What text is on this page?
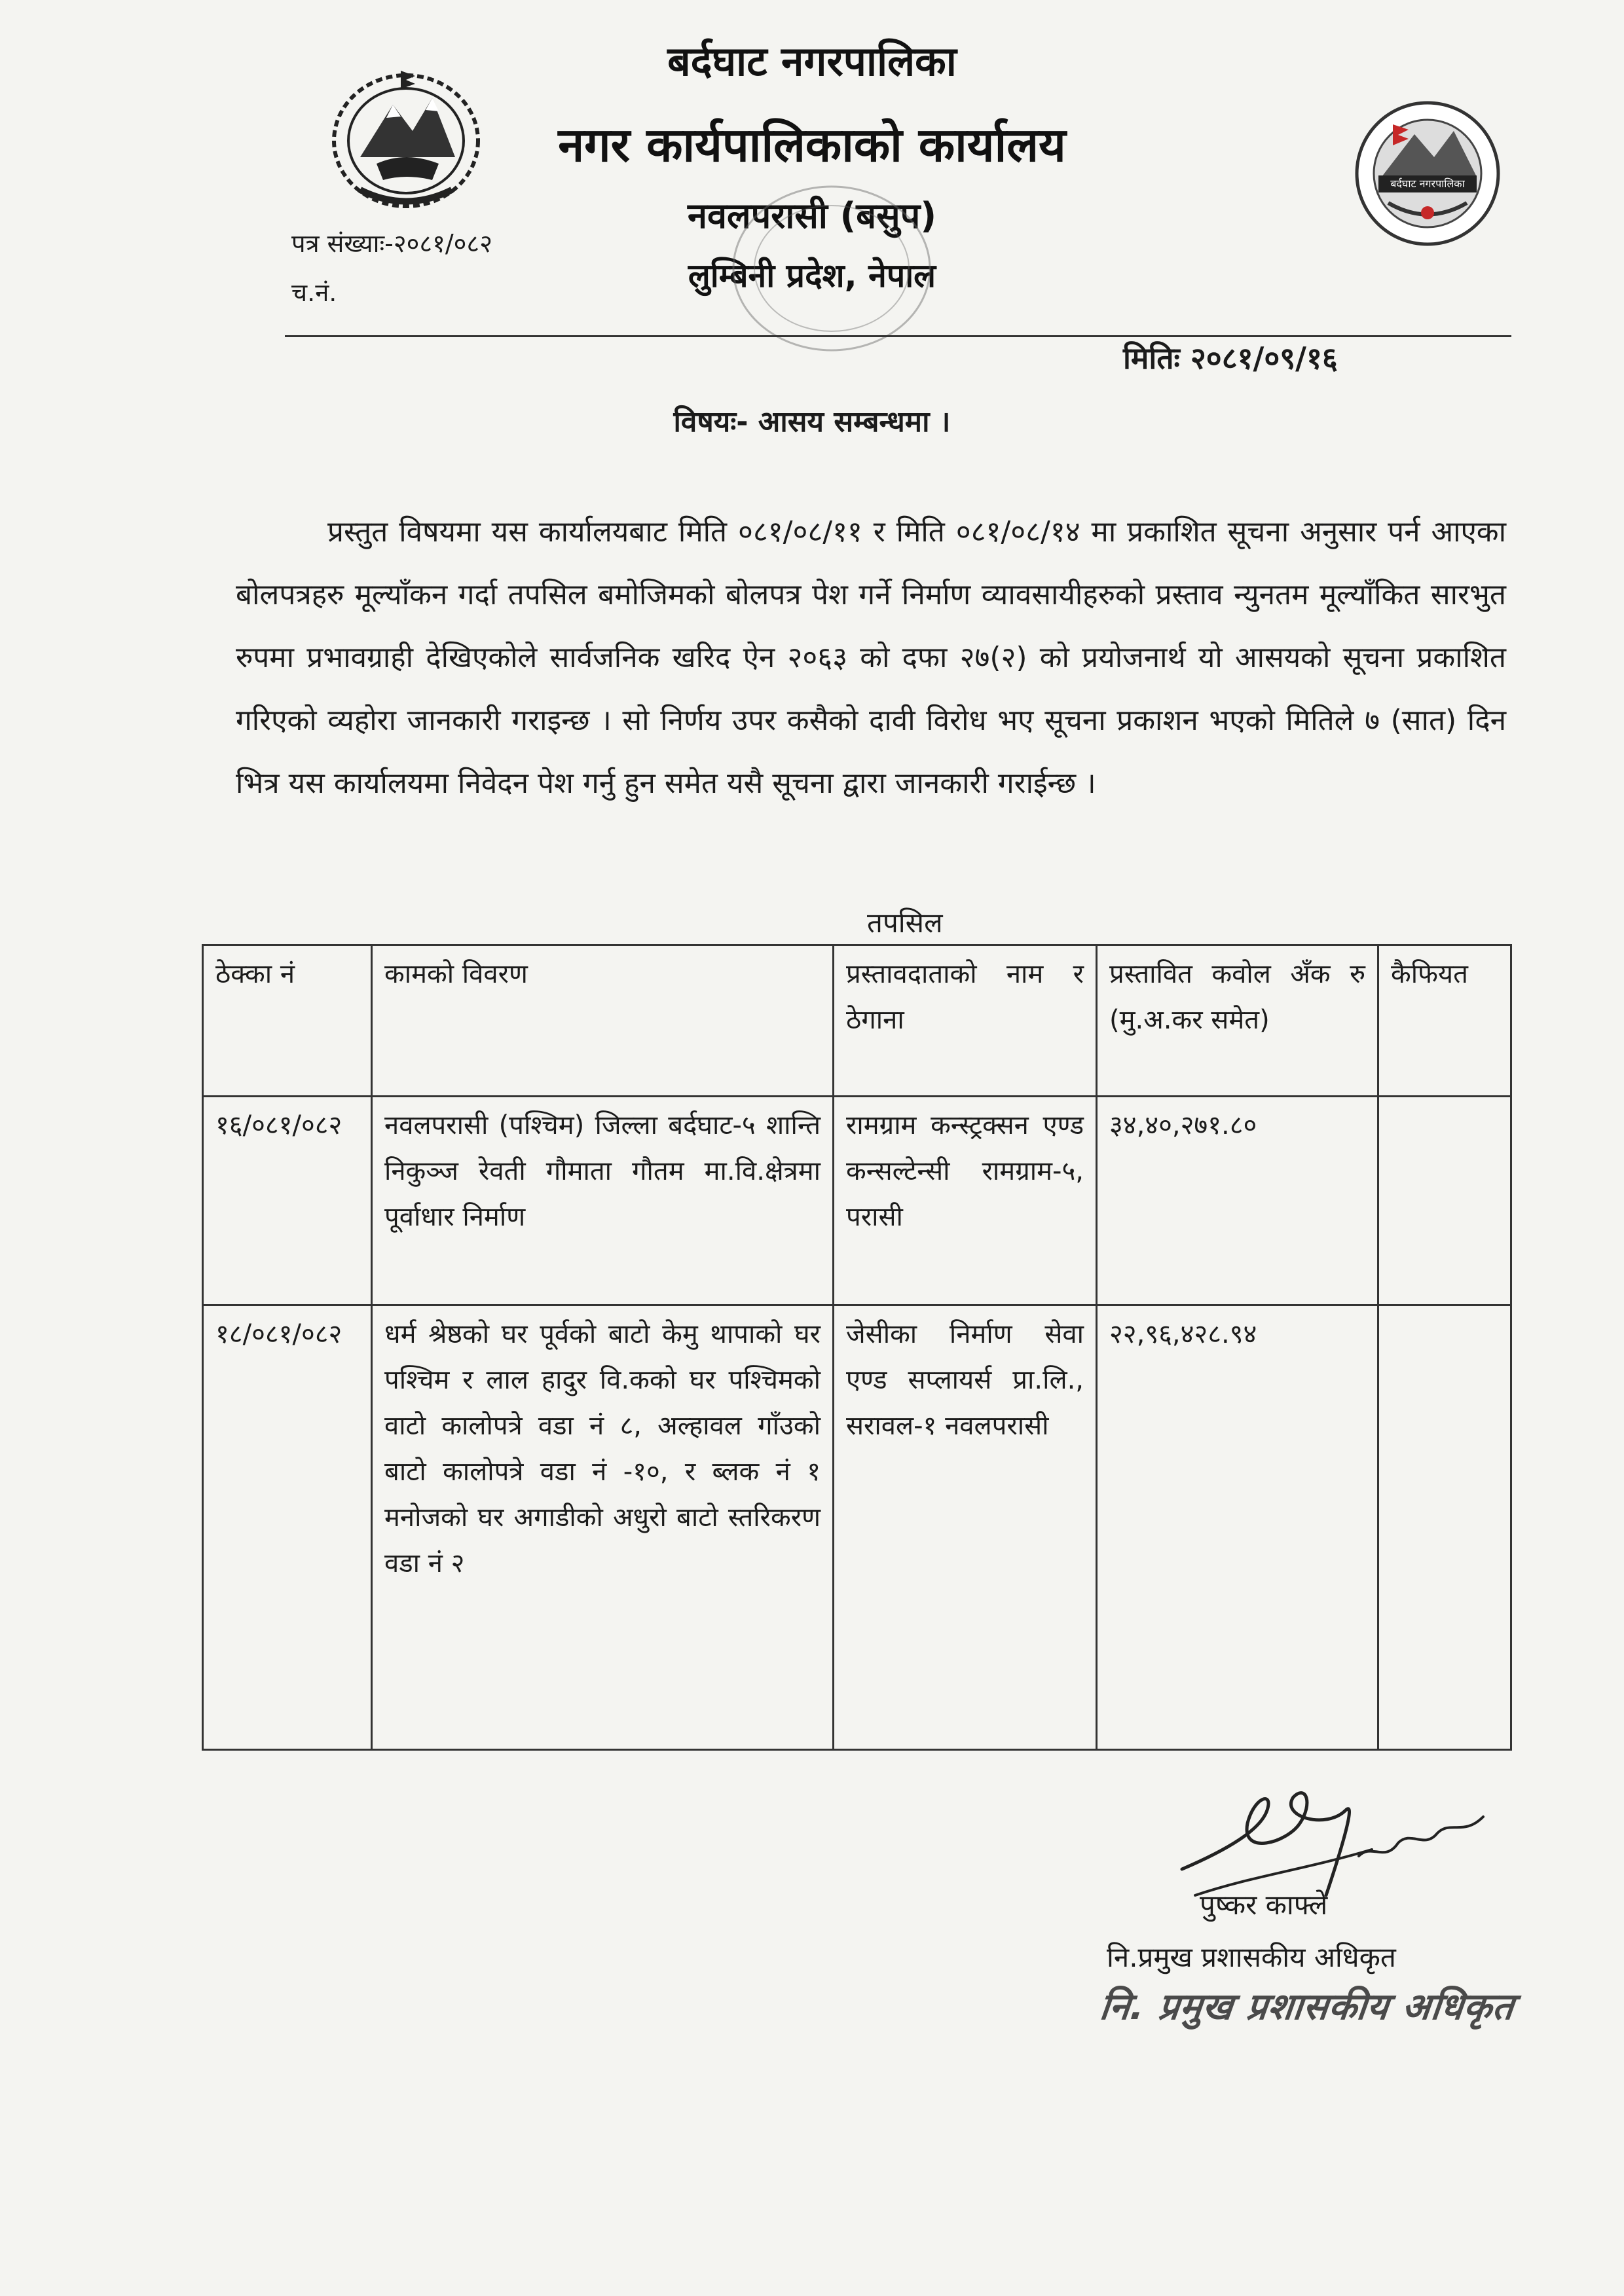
बर्दघाट नगरपालिका
नगर कार्यपालिकाको कार्यालय
नवलपरासी (बसुप)
लुम्बिनी प्रदेश, नेपाल
बर्दघाट नगरपालिका
पत्र संख्याः-२०८१/०८२
च.नं.
मितिः २०८१/०९/१६
विषयः- आसय सम्बन्धमा ।
प्रस्तुत विषयमा यस कार्यालयबाट मिति ०८१/०८/११ र मिति ०८१/०८/१४ मा प्रकाशित सूचना अनुसार पर्न आएका बोलपत्रहरु मूल्याँकन गर्दा तपसिल बमोजिमको बोलपत्र पेश गर्ने निर्माण व्यावसायीहरुको प्रस्ताव न्युनतम मूल्याँकित सारभुत रुपमा प्रभावग्राही देखिएकोले सार्वजनिक खरिद ऐन २०६३ को दफा २७(२) को प्रयोजनार्थ यो आसयको सूचना प्रकाशित गरिएको व्यहोरा जानकारी गराइन्छ । सो निर्णय उपर कसैको दावी विरोध भए सूचना प्रकाशन भएको मितिले ७ (सात) दिन भित्र यस कार्यालयमा निवेदन पेश गर्नु हुन समेत यसै सूचना द्वारा जानकारी गराईन्छ ।
तपसिल
ठेक्का नं	कामको विवरण	प्रस्तावदाताको नाम र ठेगाना	प्रस्तावित कवोल अँक रु (मु.अ.कर समेत)	कैफियत
१६/०८१/०८२	नवलपरासी (पश्चिम) जिल्ला बर्दघाट-५ शान्ति निकुञ्ज रेवती गौमाता गौतम मा.वि.क्षेत्रमा पूर्वाधार निर्माण	रामग्राम कन्स्ट्रक्सन एण्ड कन्सल्टेन्सी रामग्राम-५, परासी	३४,४०,२७१.८०	
१८/०८१/०८२	धर्म श्रेष्ठको घर पूर्वको बाटो केमु थापाको घर पश्चिम र लाल हादुर वि.कको घर पश्चिमको वाटो कालोपत्रे वडा नं ८, अल्हावल गाँउको बाटो कालोपत्रे वडा नं -१०, र ब्लक नं १ मनोजको घर अगाडीको अधुरो बाटो स्तरिकरण वडा नं २	जेसीका निर्माण सेवा एण्ड सप्लायर्स प्रा.लि., सरावल-१ नवलपरासी	२२,९६,४२८.९४	
पुष्कर काफ्ले
नि.प्रमुख प्रशासकीय अधिकृत
नि. प्रमुख प्रशासकीय अधिकृत
